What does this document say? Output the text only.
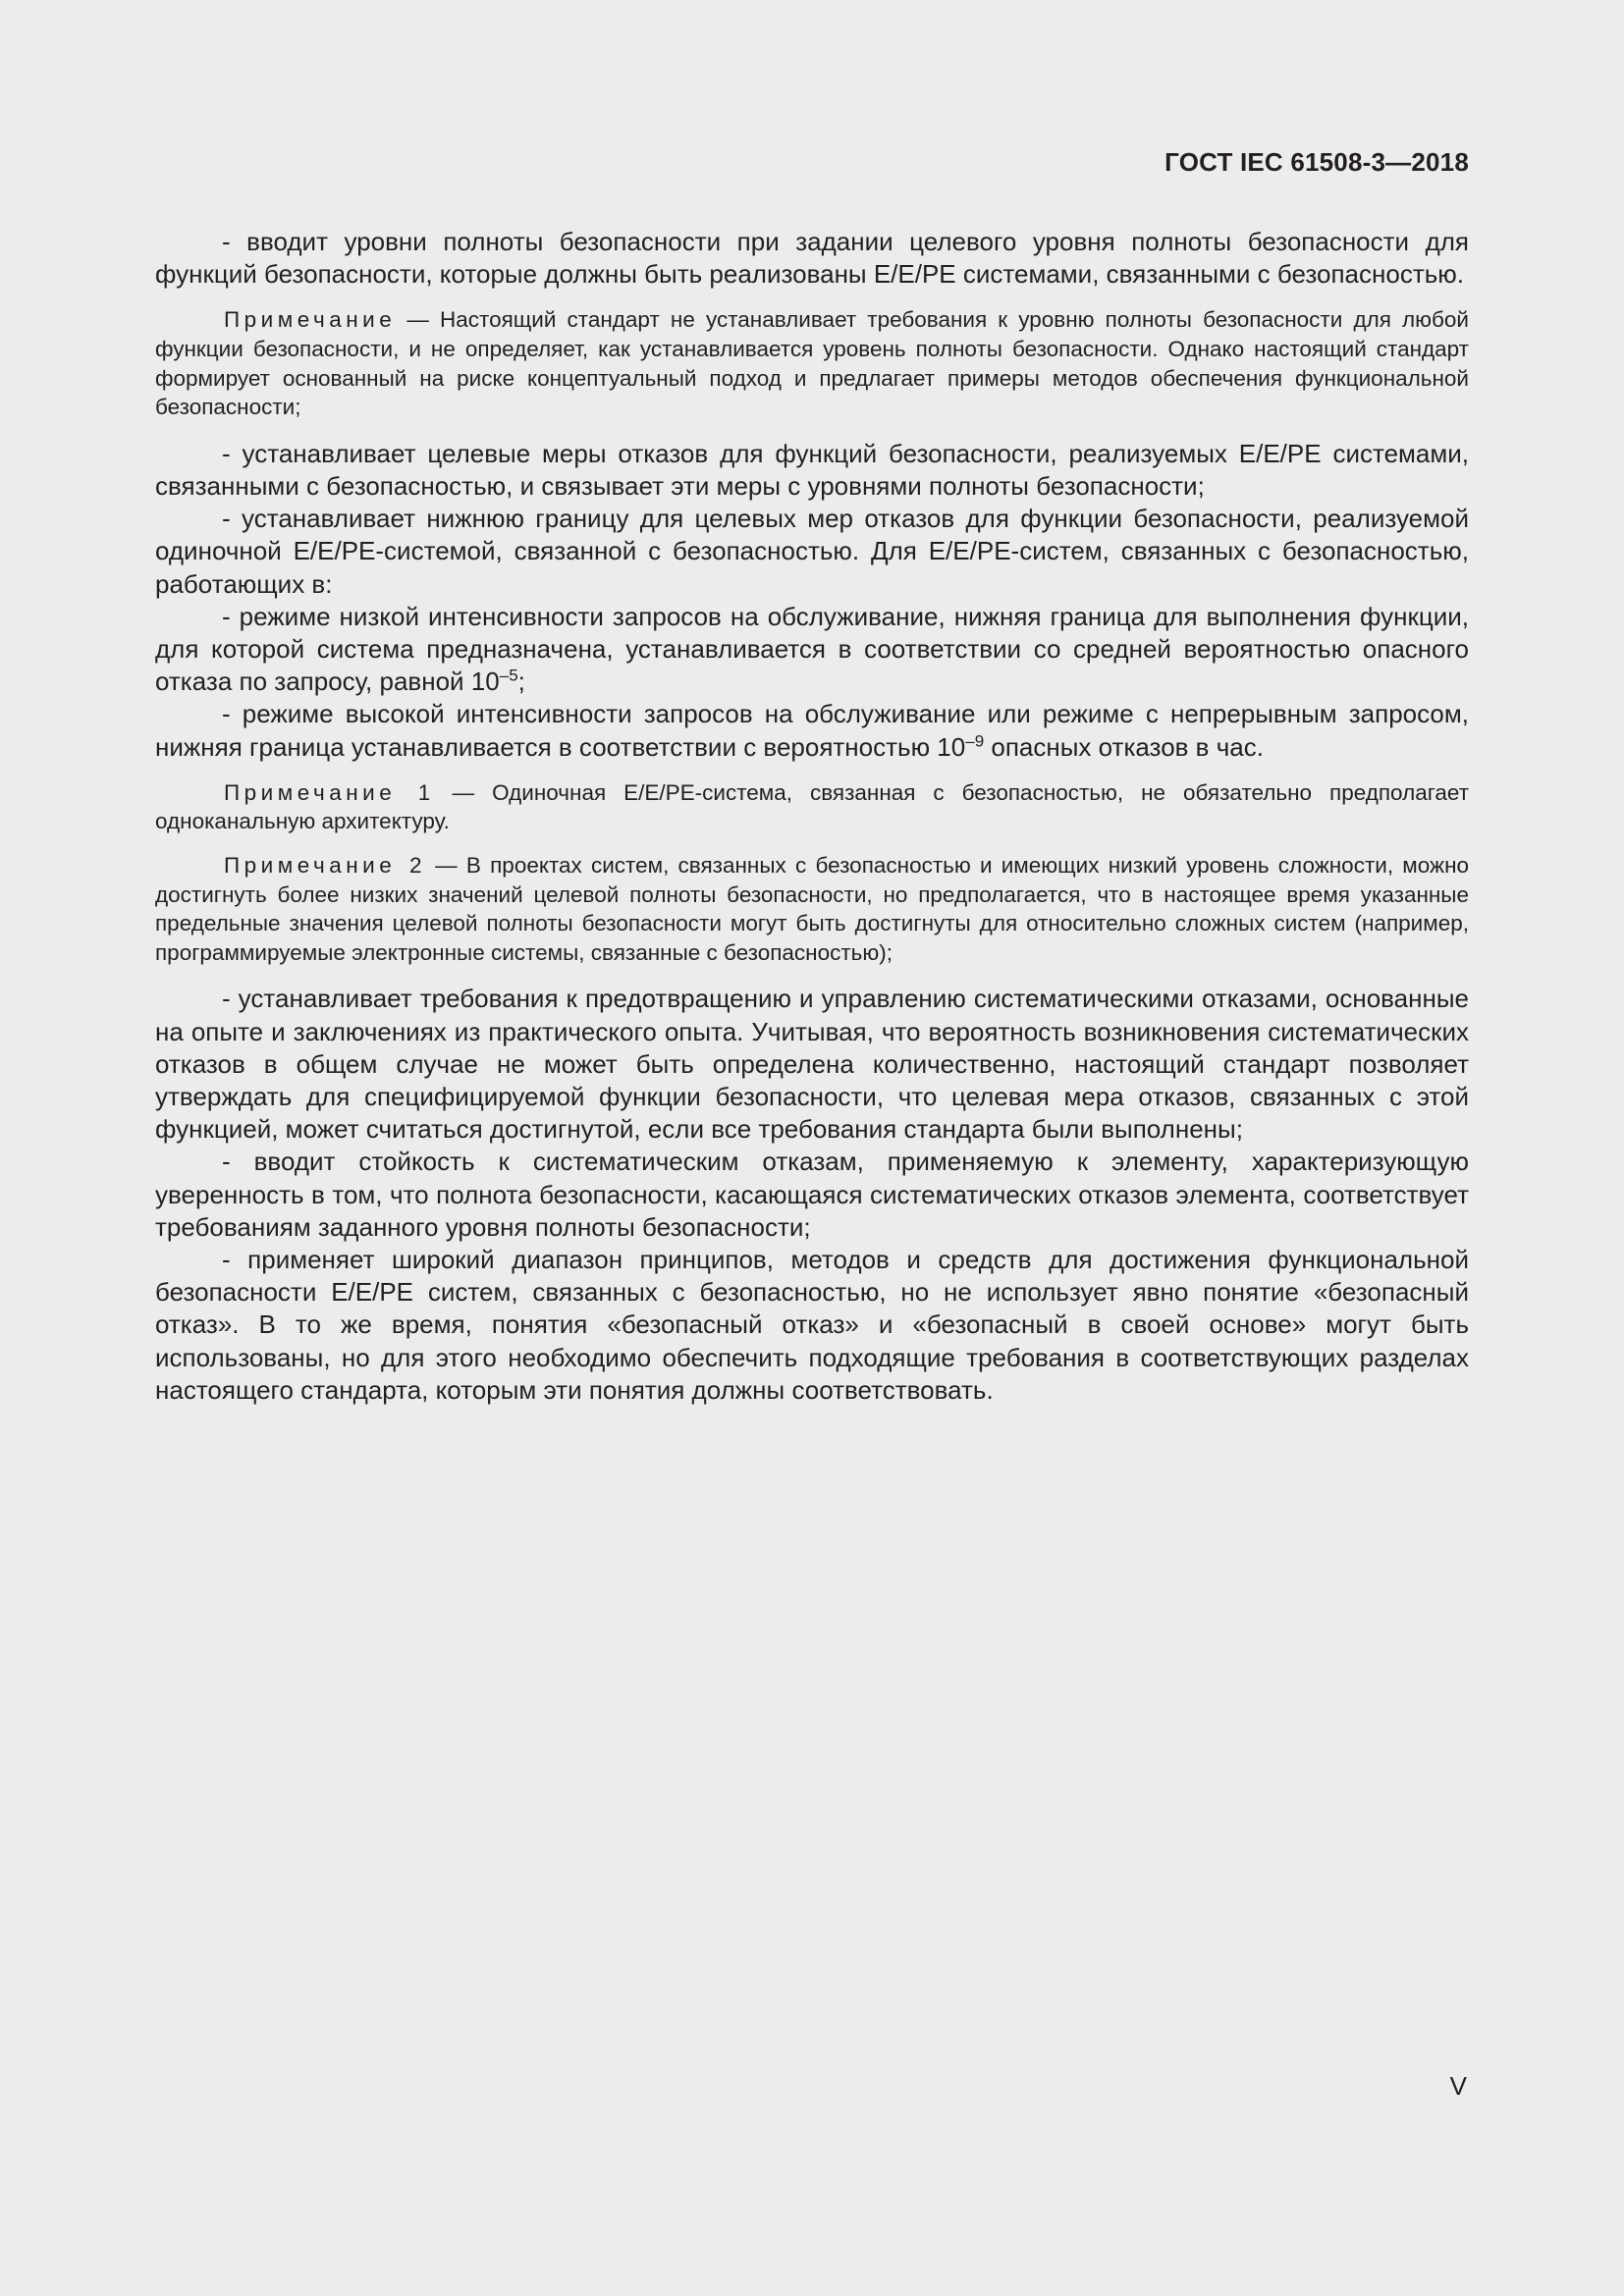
ГОСТ IEC 61508-3—2018

- вводит уровни полноты безопасности при задании целевого уровня полноты безопасности для функций безопасности, которые должны быть реализованы Е/Е/РЕ системами, связанными с безопасностью.

Примечание — Настоящий стандарт не устанавливает требования к уровню полноты безопасности для любой функции безопасности, и не определяет, как устанавливается уровень полноты безопасности. Однако настоящий стандарт формирует основанный на риске концептуальный подход и предлагает примеры методов обеспечения функциональной безопасности;

- устанавливает целевые меры отказов для функций безопасности, реализуемых Е/Е/РЕ системами, связанными с безопасностью, и связывает эти меры с уровнями полноты безопасности;

- устанавливает нижнюю границу для целевых мер отказов для функции безопасности, реализуемой одиночной Е/Е/РЕ-системой, связанной с безопасностью. Для Е/Е/РЕ-систем, связанных с безопасностью, работающих в:

- режиме низкой интенсивности запросов на обслуживание, нижняя граница для выполнения функции, для которой система предназначена, устанавливается в соответствии со средней вероятностью опасного отказа по запросу, равной $10^{-5}$;

- режиме высокой интенсивности запросов на обслуживание или режиме с непрерывным запросом, нижняя граница устанавливается в соответствии с вероятностью $10^{-9}$ опасных отказов в час.

Примечание 1 — Одиночная Е/Е/РЕ-система, связанная с безопасностью, не обязательно предполагает одноканальную архитектуру.

Примечание 2 — В проектах систем, связанных с безопасностью и имеющих низкий уровень сложности, можно достигнуть более низких значений целевой полноты безопасности, но предполагается, что в настоящее время указанные предельные значения целевой полноты безопасности могут быть достигнуты для относительно сложных систем (например, программируемые электронные системы, связанные с безопасностью);

- устанавливает требования к предотвращению и управлению систематическими отказами, основанные на опыте и заключениях из практического опыта. Учитывая, что вероятность возникновения систематических отказов в общем случае не может быть определена количественно, настоящий стандарт позволяет утверждать для специфицируемой функции безопасности, что целевая мера отказов, связанных с этой функцией, может считаться достигнутой, если все требования стандарта были выполнены;

- вводит стойкость к систематическим отказам, применяемую к элементу, характеризующую уверенность в том, что полнота безопасности, касающаяся систематических отказов элемента, соответствует требованиям заданного уровня полноты безопасности;

- применяет широкий диапазон принципов, методов и средств для достижения функциональной безопасности Е/Е/РЕ систем, связанных с безопасностью, но не использует явно понятие «безопасный отказ». В то же время, понятия «безопасный отказ» и «безопасный в своей основе» могут быть использованы, но для этого необходимо обеспечить подходящие требования в соответствующих разделах настоящего стандарта, которым эти понятия должны соответствовать.

V
